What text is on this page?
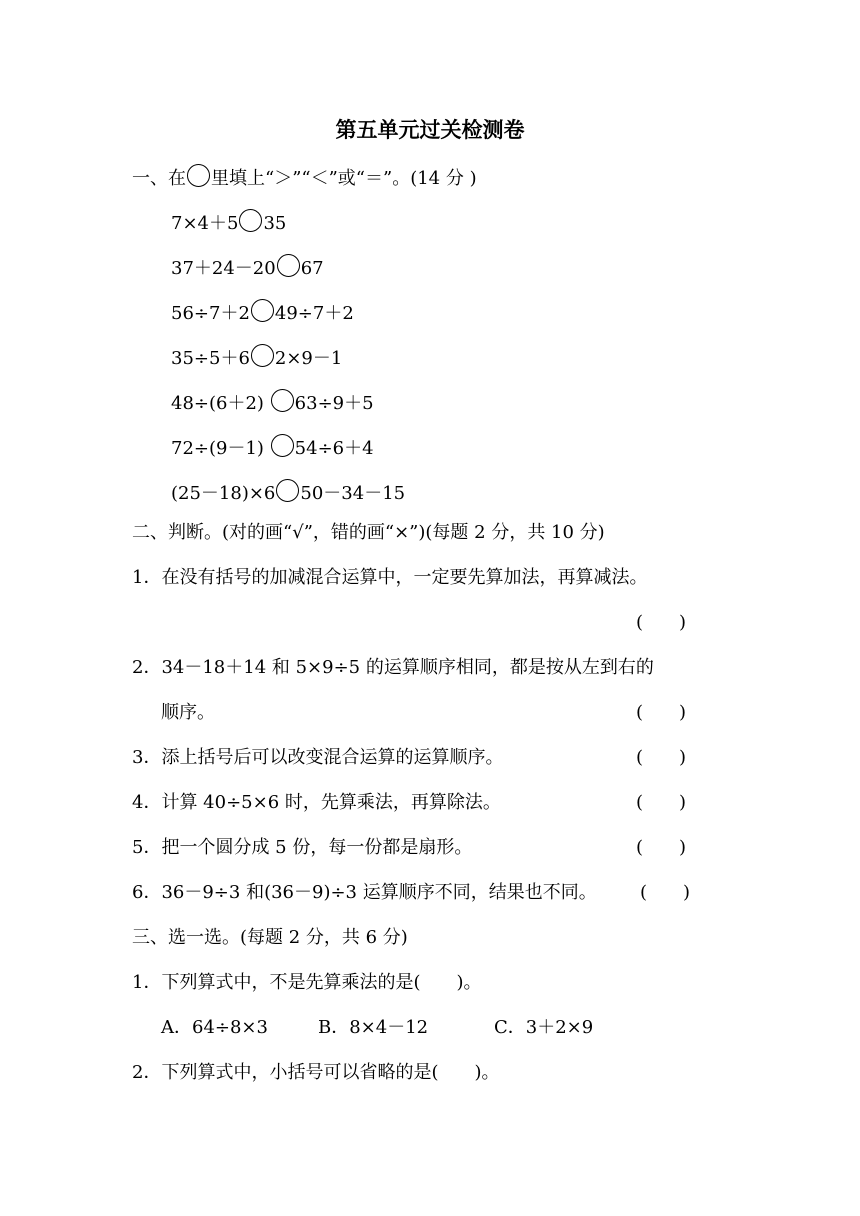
第五单元过关检测卷
一、在 里填上“＞”“＜”或“＝”。(14 分 )
7×4＋5 35
37＋24－20 67
56÷7＋2 49÷7＋2
35÷5＋6 2×9－1
48÷(6＋2) 63÷9＋5
72÷(9－1) 54÷6＋4
(25－18)×6 50－34－15
二、判断。(对的画“√”，错的画“×”)(每题 2 分，共 10 分)
1．在没有括号的加减混合运算中，一定要先算加法，再算减法。
(　　)
2．34－18＋14 和 5×9÷5 的运算顺序相同，都是按从左到右的
顺序。	(　　)
3．添上括号后可以改变混合运算的运算顺序。	(　　)
4．计算 40÷5×6 时，先算乘法，再算除法。	(　　)
5．把一个圆分成 5 份，每一份都是扇形。	(　　)
6．36－9÷3 和(36－9)÷3 运算顺序不同，结果也不同。 (　　)
三、选一选。(每题 2 分，共 6 分)
1．下列算式中，不是先算乘法的是(　　)。
A．64÷8×3	B．8×4－12	C．3＋2×9
2．下列算式中，小括号可以省略的是(　　)。
